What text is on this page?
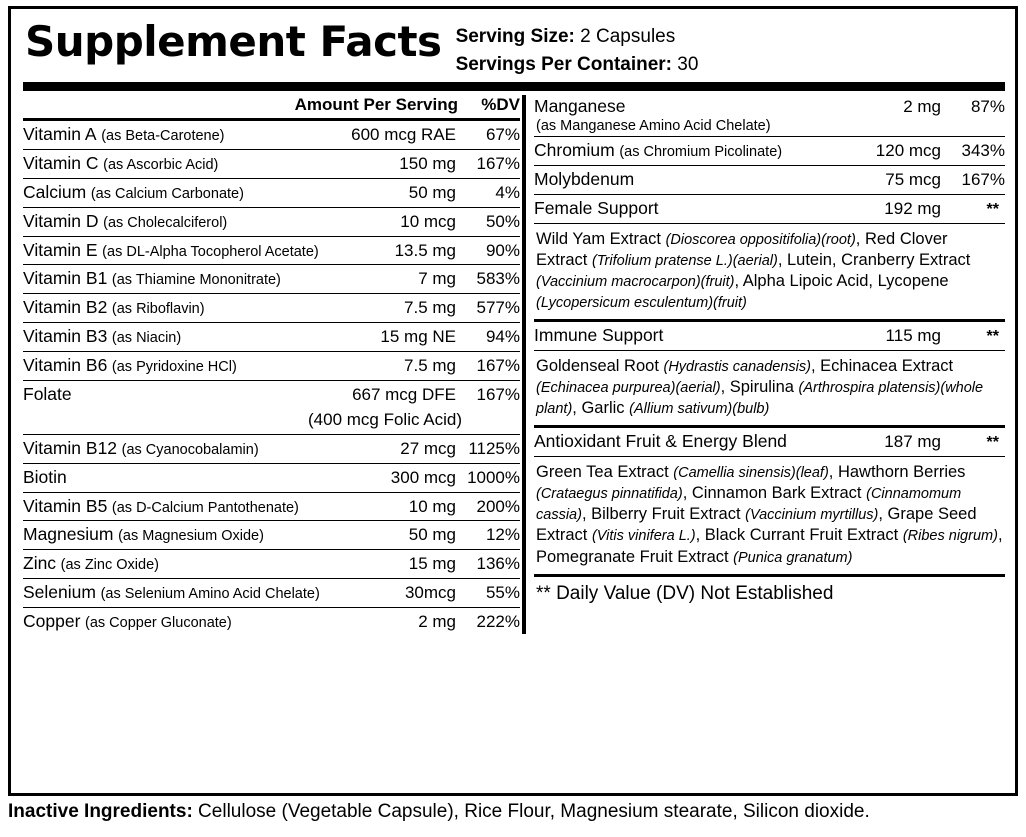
Supplement Facts Serving Size: 2 Capsules
Servings Per Container: 30
Amount Per Serving	%DV
Vitamin A (as Beta-Carotene)	600 mcg RAE	67%
Vitamin C (as Ascorbic Acid)	150 mg	167%
Calcium (as Calcium Carbonate)	50 mg	4%
Vitamin D (as Cholecalciferol)	10 mcg	50%
Vitamin E (as DL-Alpha Tocopherol Acetate)	13.5 mg	90%
Vitamin B1 (as Thiamine Mononitrate)	7 mg	583%
Vitamin B2 (as Riboflavin)	7.5 mg	577%
Vitamin B3 (as Niacin)	15 mg NE	94%
Vitamin B6 (as Pyridoxine HCl)	7.5 mg	167%
Folate	667 mcg DFE	167%
(400 mcg Folic Acid)
Vitamin B12 (as Cyanocobalamin)	27 mcg 1125%
Biotin	300 mcg 1000%
Vitamin B5 (as D-Calcium Pantothenate)	10 mg	200%
Magnesium (as Magnesium Oxide)	50 mg	12%
Zinc (as Zinc Oxide)	15 mg	136%
Selenium (as Selenium Amino Acid Chelate)	30mcg	55%
Copper (as Copper Gluconate)	2 mg	222%
Manganese	2 mg	87%
(as Manganese Amino Acid Chelate)
Chromium (as Chromium Picolinate)	120 mcg	343%
Molybdenum	75 mcg	167%
Female Support	192 mg	**
Wild Yam Extract (Dioscorea oppositifolia)(root), Red Clover Extract (Trifolium pratense L.)(aerial), Lutein, Cranberry Extract (Vaccinium macrocarpon)(fruit), Alpha Lipoic Acid, Lycopene (Lycopersicum esculentum)(fruit)
Immune Support	115 mg	**
Goldenseal Root (Hydrastis canadensis), Echinacea Extract (Echinacea purpurea)(aerial), Spirulina (Arthrospira platensis)(whole plant), Garlic (Allium sativum)(bulb)
Antioxidant Fruit & Energy Blend	187 mg	**
Green Tea Extract (Camellia sinensis)(leaf), Hawthorn Berries (Crataegus pinnatifida), Cinnamon Bark Extract (Cinnamomum cassia), Bilberry Fruit Extract (Vaccinium myrtillus), Grape Seed Extract (Vitis vinifera L.), Black Currant Fruit Extract (Ribes nigrum), Pomegranate Fruit Extract (Punica granatum)
** Daily Value (DV) Not Established
Inactive Ingredients: Cellulose (Vegetable Capsule), Rice Flour, Magnesium stearate, Silicon dioxide.
